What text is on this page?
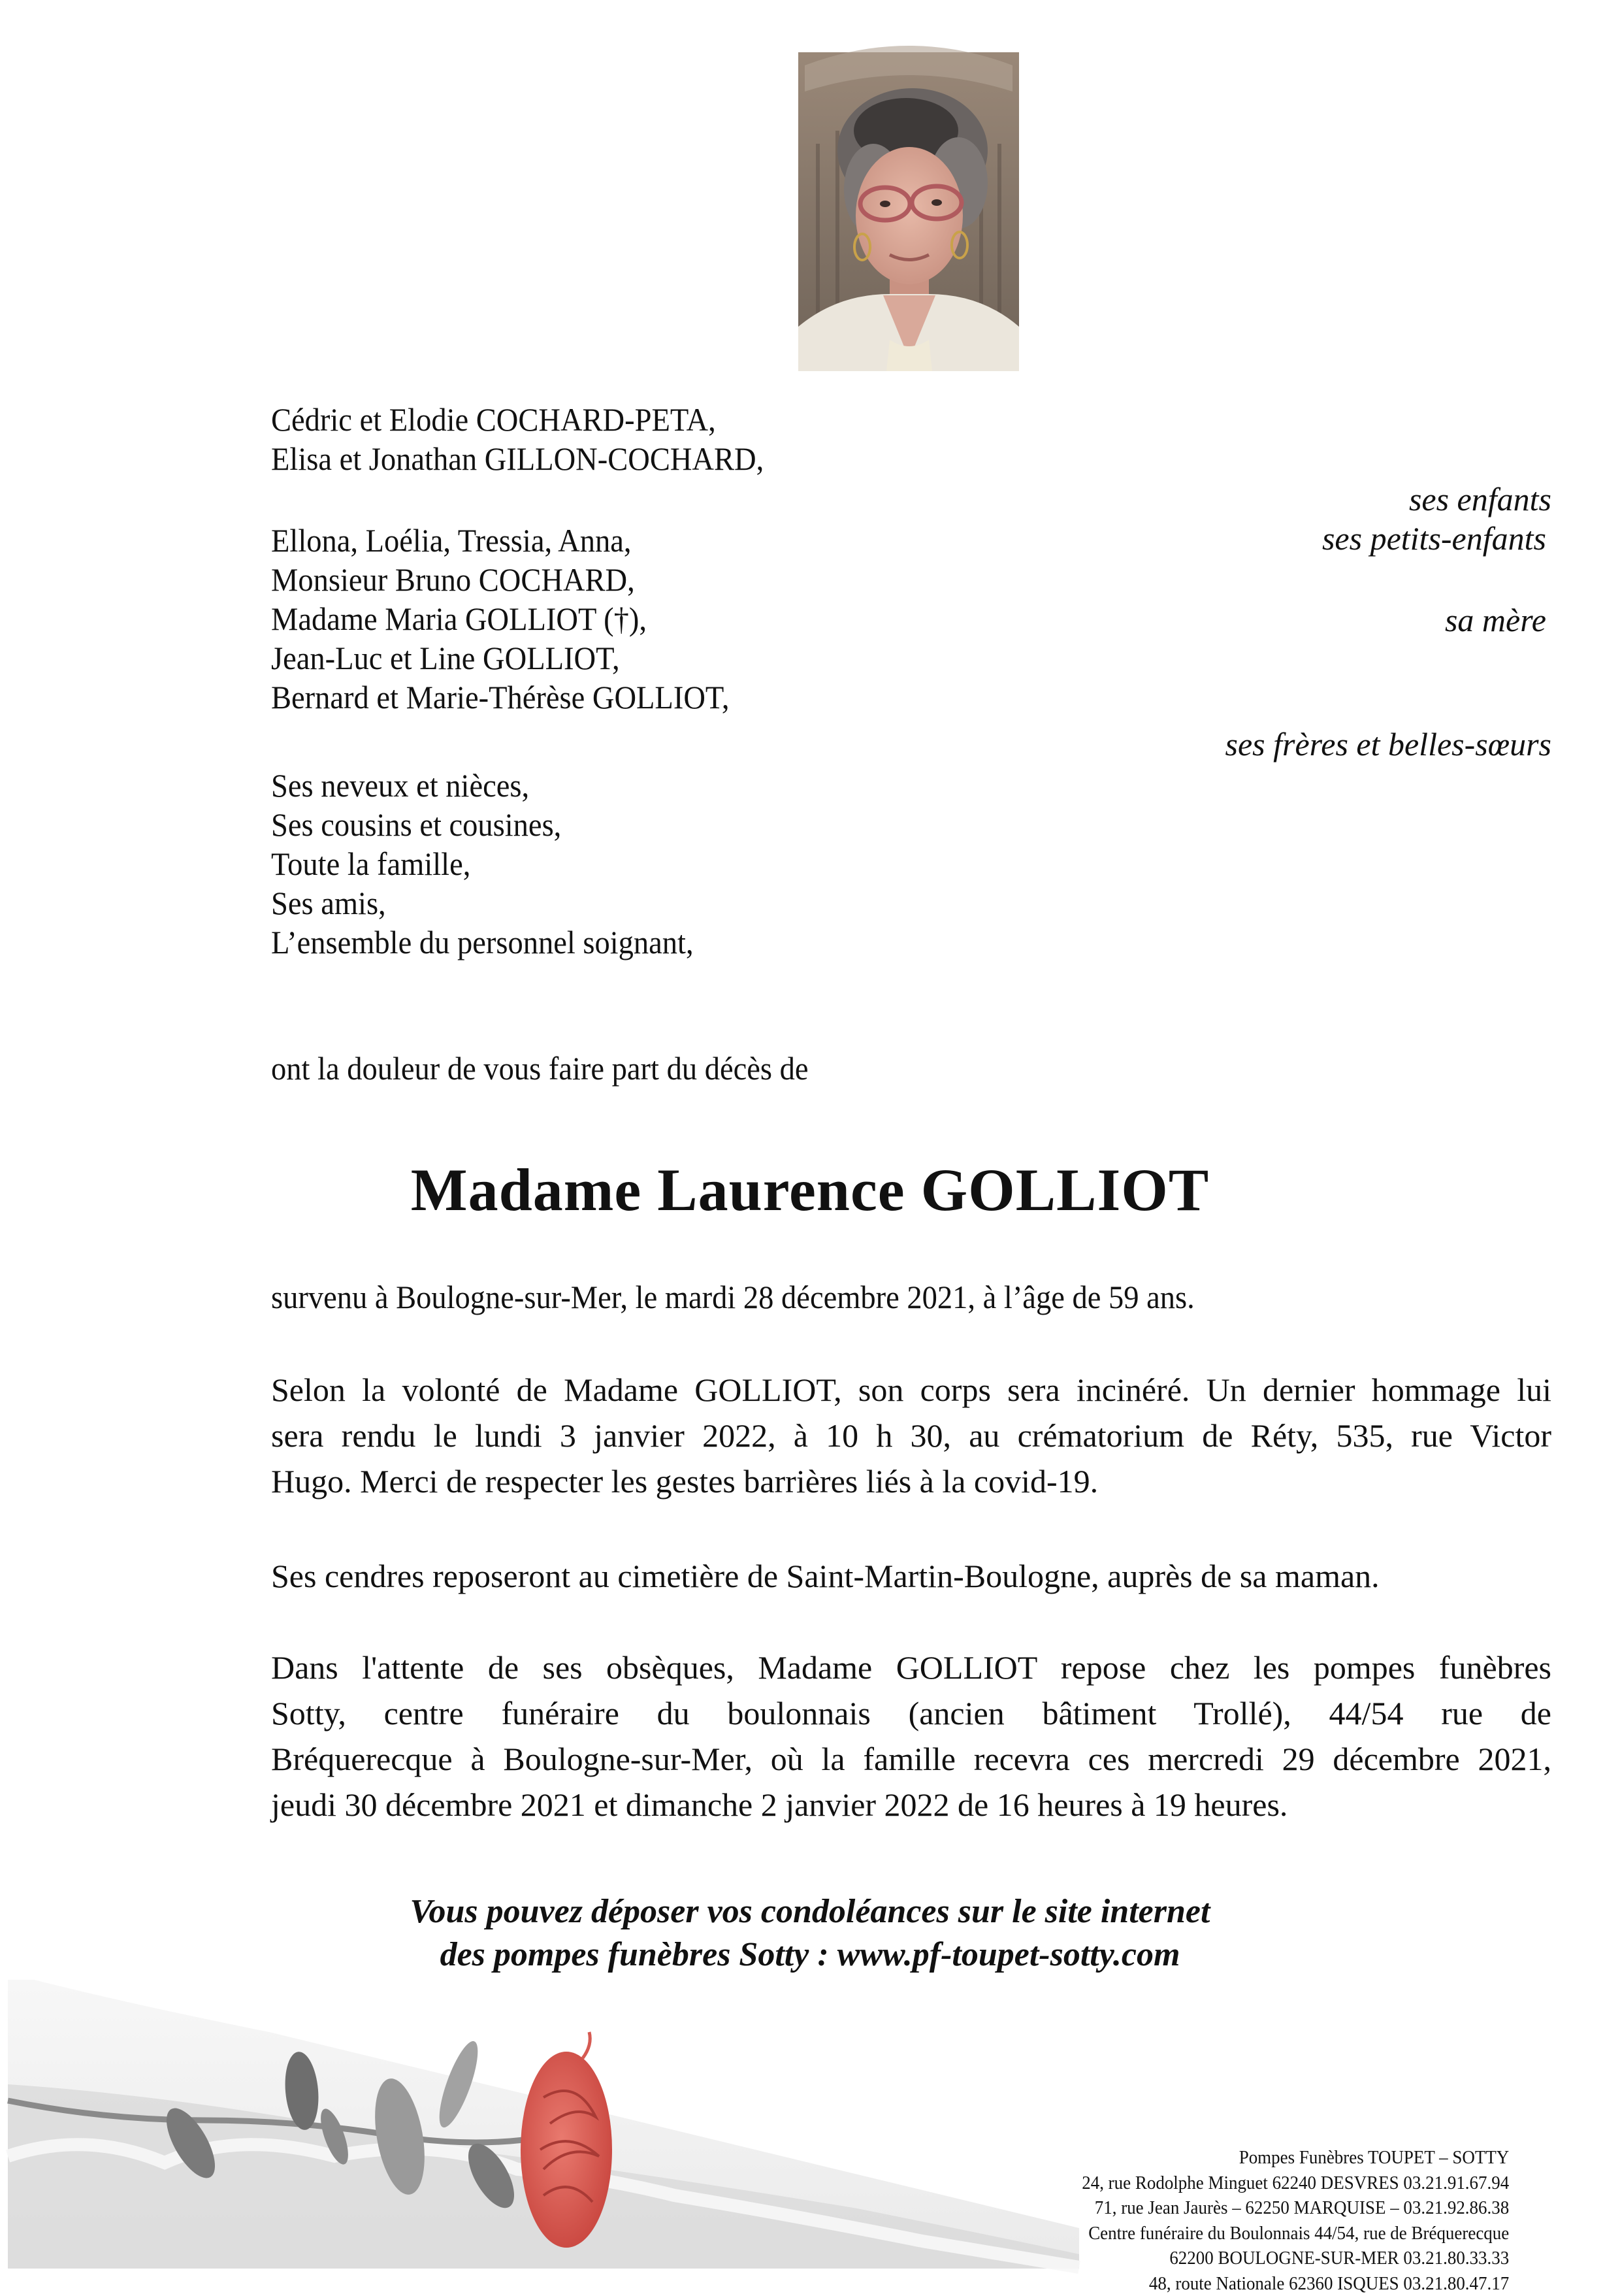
Cédric et Elodie COCHARD-PETA,
Elisa et Jonathan GILLON-COCHARD,
Ellona, Loélia, Tressia, Anna,
Monsieur Bruno COCHARD,
Madame Maria GOLLIOT (†),
Jean-Luc et Line GOLLIOT,
Bernard et Marie-Thérèse GOLLIOT,
Ses neveux et nièces,
Ses cousins et cousines,
Toute la famille,
Ses amis,
L’ensemble du personnel soignant,
ses enfants
ses petits-enfants
sa mère
ses frères et belles-sœurs
ont la douleur de vous faire part du décès de
Madame Laurence GOLLIOT
survenu à Boulogne-sur-Mer, le mardi 28 décembre 2021, à l’âge de 59 ans.
Selon la volonté de Madame GOLLIOT, son corps sera incinéré. Un dernier hommage lui
sera rendu le lundi 3 janvier 2022, à 10 h 30, au crématorium de Réty, 535, rue Victor
Hugo. Merci de respecter les gestes barrières liés à la covid-19.
Ses cendres reposeront au cimetière de Saint-Martin-Boulogne, auprès de sa maman.
Dans l'attente de ses obsèques, Madame GOLLIOT repose chez les pompes funèbres
Sotty, centre funéraire du boulonnais (ancien bâtiment Trollé), 44/54 rue de
Bréquerecque à Boulogne-sur-Mer, où la famille recevra ces mercredi 29 décembre 2021,
jeudi 30 décembre 2021 et dimanche 2 janvier 2022 de 16 heures à 19 heures.
Vous pouvez déposer vos condoléances sur le site internet
des pompes funèbres Sotty : www.pf-toupet-sotty.com
Pompes Funèbres TOUPET – SOTTY
24, rue Rodolphe Minguet 62240 DESVRES 03.21.91.67.94
71, rue Jean Jaurès – 62250 MARQUISE – 03.21.92.86.38
Centre funéraire du Boulonnais 44/54, rue de Bréquerecque
62200 BOULOGNE-SUR-MER 03.21.80.33.33
48, route Nationale 62360 ISQUES 03.21.80.47.17
